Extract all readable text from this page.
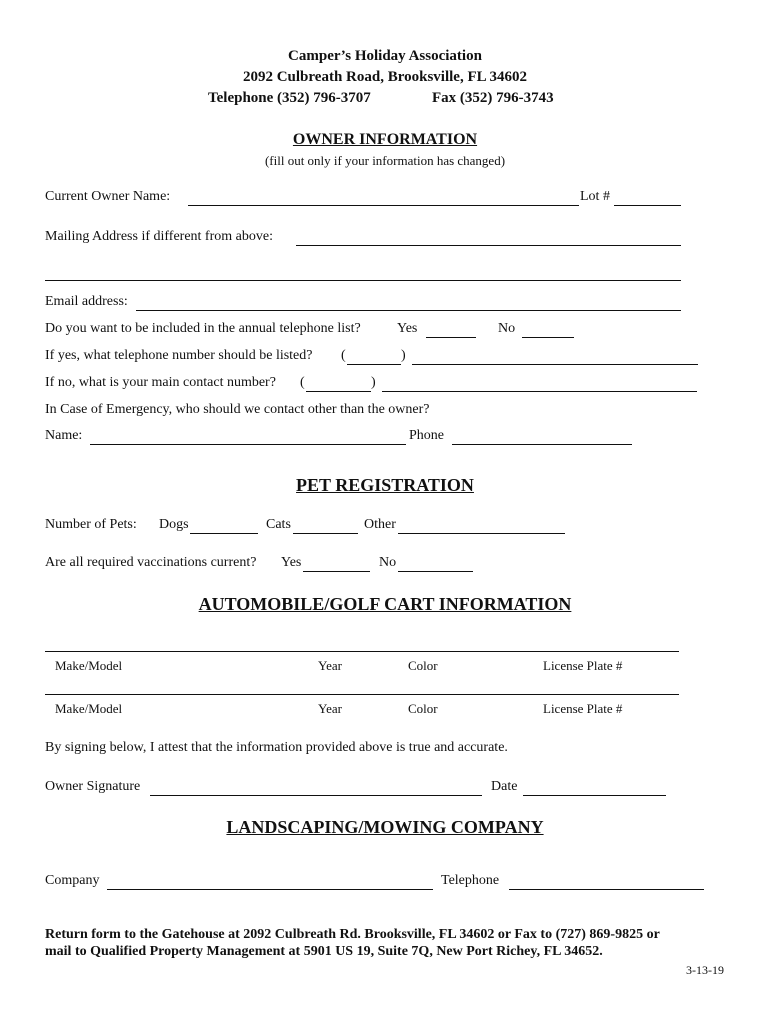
Camper’s Holiday Association
2092 Culbreath Road, Brooksville, FL 34602
Telephone (352) 796-3707	Fax (352) 796-3743
OWNER INFORMATION
(fill out only if your information has changed)
Current Owner Name:	Lot #
Mailing Address if different from above:
Email address:
Do you want to be included in the annual telephone list?	Yes	No
If yes, what telephone number should be listed? (	)
If no, what is your main contact number? (	)
In Case of Emergency, who should we contact other than the owner?
Name:	Phone
PET REGISTRATION
Number of Pets: Dogs	Cats	Other
Are all required vaccinations current? Yes	No
AUTOMOBILE/GOLF CART INFORMATION
Make/Model	Year	Color	License Plate #
Make/Model	Year	Color	License Plate #
By signing below, I attest that the information provided above is true and accurate.
Owner Signature	Date
LANDSCAPING/MOWING COMPANY
Company	Telephone
Return form to the Gatehouse at 2092 Culbreath Rd. Brooksville, FL 34602 or Fax to (727) 869-9825 or
mail to Qualified Property Management at 5901 US 19, Suite 7Q, New Port Richey, FL 34652.
3-13-19
